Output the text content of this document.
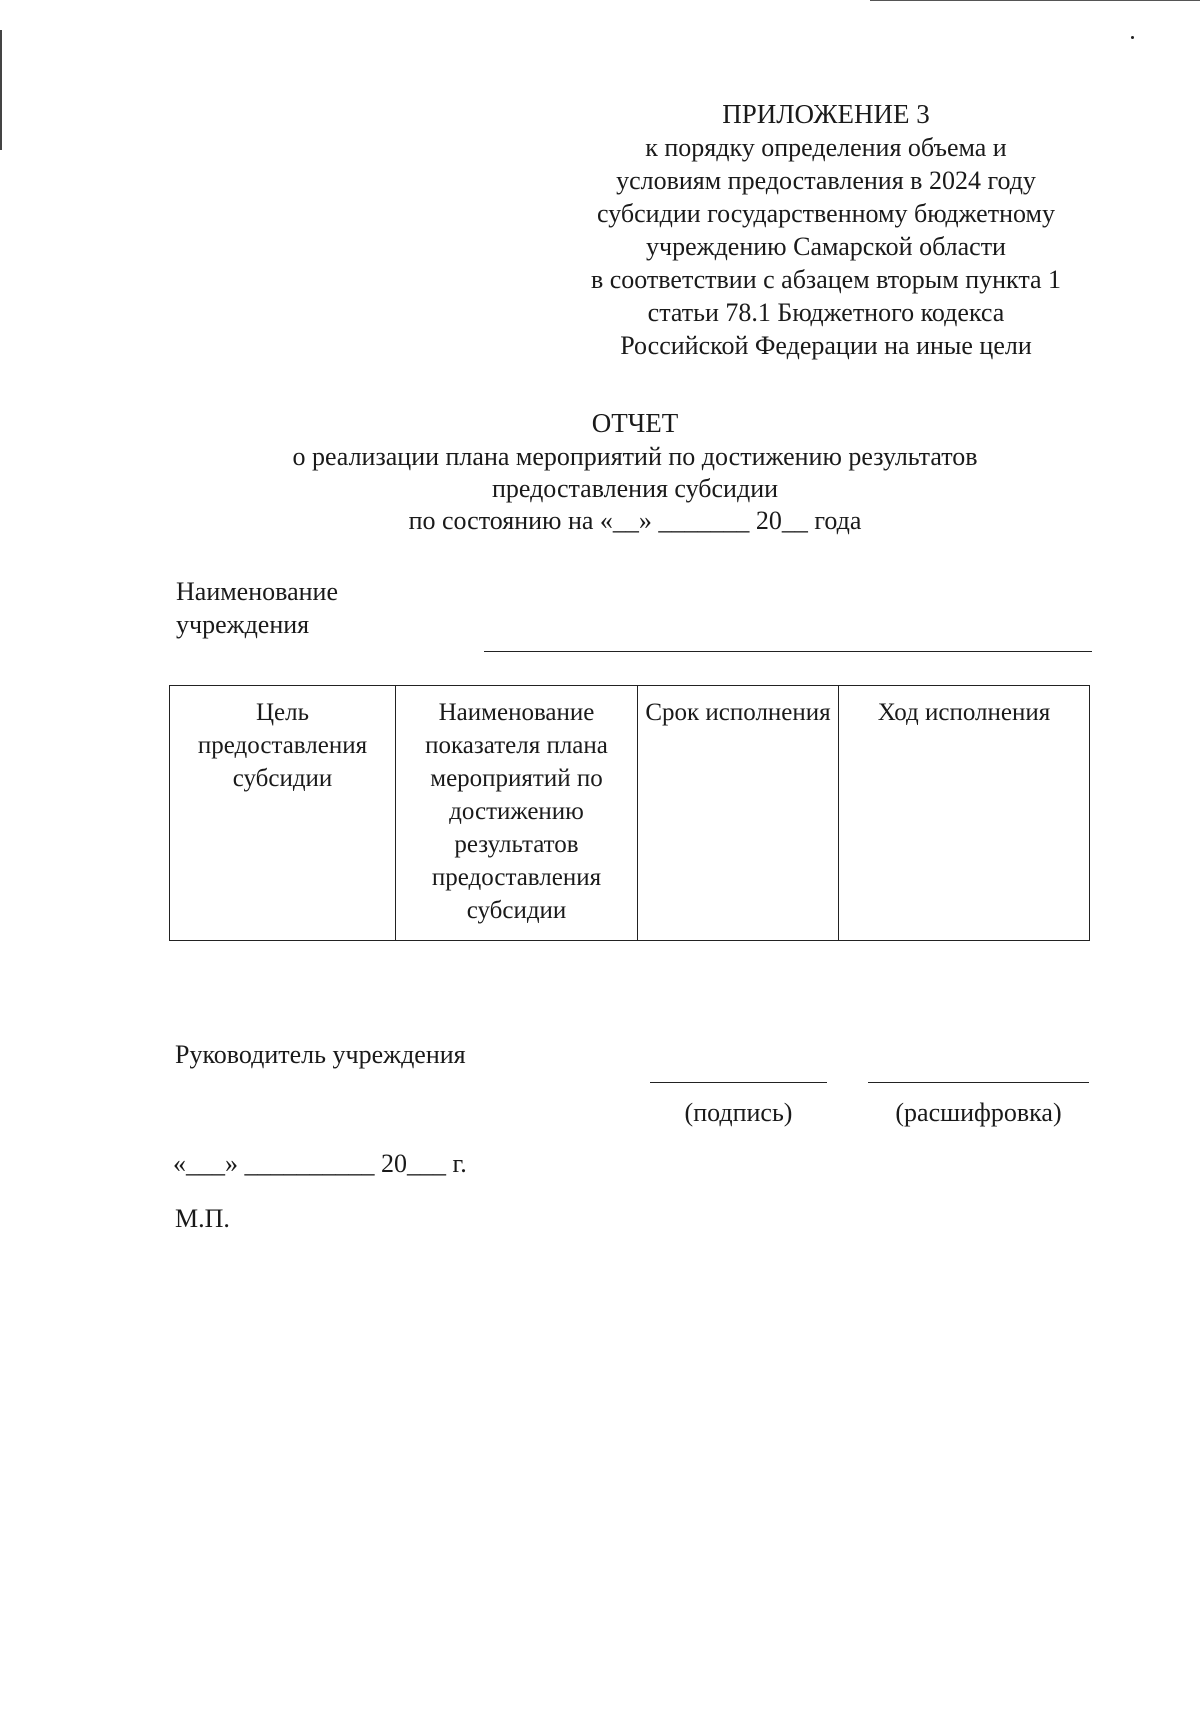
ПРИЛОЖЕНИЕ 3
к порядку определения объема и
условиям предоставления в 2024 году
субсидии государственному бюджетному
учреждению Самарской области
в соответствии с абзацем вторым пункта 1
статьи 78.1 Бюджетного кодекса
Российской Федерации на иные цели
ОТЧЕТ
о реализации плана мероприятий по достижению результатов
предоставления субсидии
по состоянию на «__» _______ 20__ года
Наименование
учреждения
Цель предоставления субсидии	Наименование показателя плана мероприятий по достижению результатов предоставления субсидии	Срок исполнения	Ход исполнения
Руководитель учреждения
(подпись)	(расшифровка)
«___» __________ 20___ г.
М.П.
